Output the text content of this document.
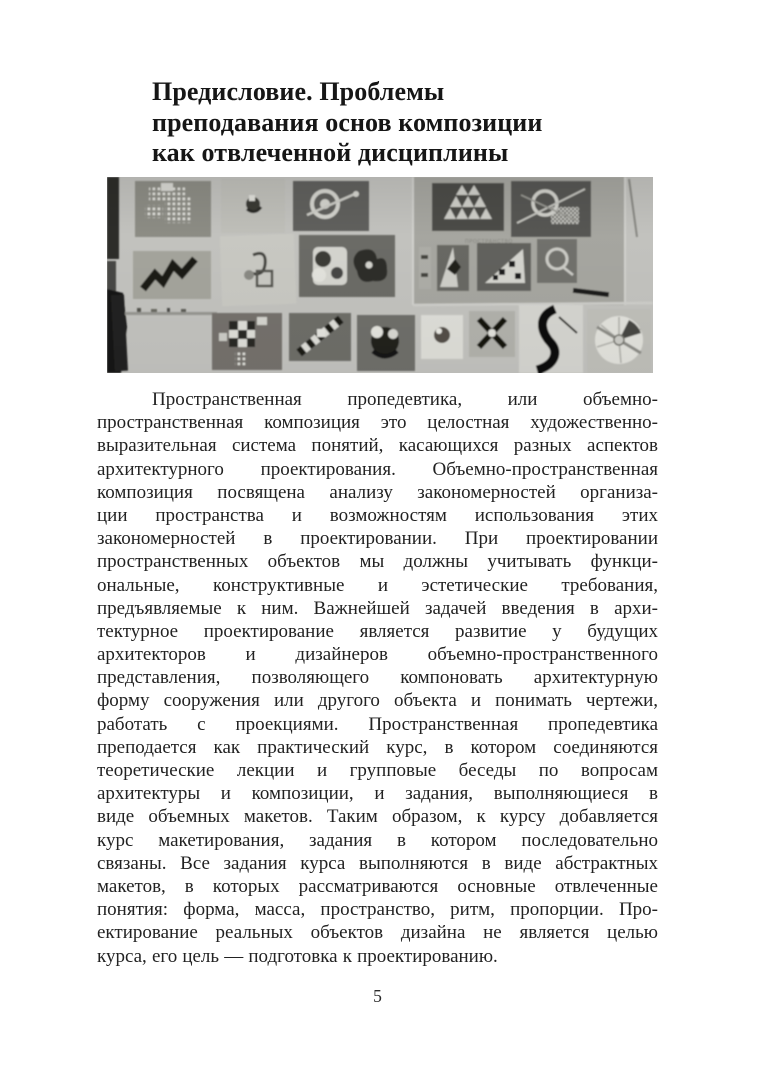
Предисловие. Проблемы
преподавания основ композиции
как отвлеченной дисциплины
Пространственная пропедевтика, или объемно-
пространственная композиция это целостная художественно-
выразительная система понятий, касающихся разных аспектов
архитектурного проектирования. Объемно-пространственная
композиция посвящена анализу закономерностей организа-
ции пространства и возможностям использования этих
закономерностей в проектировании. При проектировании
пространственных объектов мы должны учитывать функци-
ональные, конструктивные и эстетические требования,
предъявляемые к ним. Важнейшей задачей введения в архи-
тектурное проектирование является развитие у будущих
архитекторов и дизайнеров объемно-пространственного
представления, позволяющего компоновать архитектурную
форму сооружения или другого объекта и понимать чертежи,
работать с проекциями. Пространственная пропедевтика
преподается как практический курс, в котором соединяются
теоретические лекции и групповые беседы по вопросам
архитектуры и композиции, и задания, выполняющиеся в
виде объемных макетов. Таким образом, к курсу добавляется
курс макетирования, задания в котором последовательно
связаны. Все задания курса выполняются в виде абстрактных
макетов, в которых рассматриваются основные отвлеченные
понятия: форма, масса, пространство, ритм, пропорции. Про-
ектирование реальных объектов дизайна не является целью
курса, его цель — подготовка к проектированию.
5
